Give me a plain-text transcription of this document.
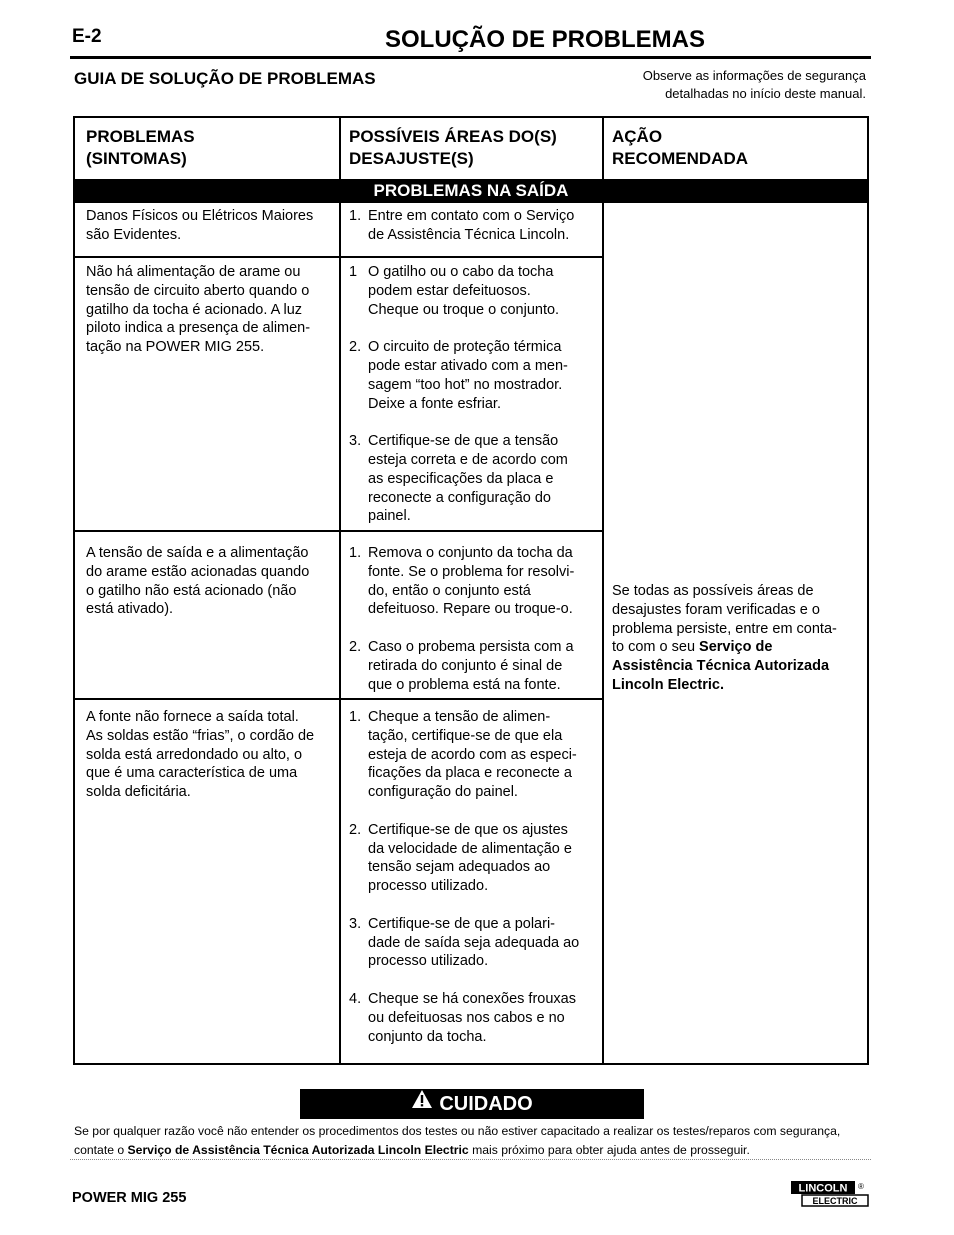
E-2	SOLUÇÃO DE PROBLEMAS
GUIA DE SOLUÇÃO DE PROBLEMAS	Observe as informações de segurança
detalhadas no início deste manual.
PROBLEMAS
(SINTOMAS)
POSSÍVEIS ÁREAS DO(S)
DESAJUSTE(S)
AÇÃO
RECOMENDADA
PROBLEMAS NA SAÍDA
Danos Físicos ou Elétricos Maiores
são Evidentes.
1. Entre em contato com o Serviço
de Assistência Técnica Lincoln.
Não há alimentação de arame ou
tensão de circuito aberto quando o
gatilho da tocha é acionado. A luz
piloto indica a presença de alimen-
tação na POWER MIG 255.
1 O gatilho ou o cabo da tocha
podem estar defeituosos.
Cheque ou troque o conjunto.
2. O circuito de proteção térmica
pode estar ativado com a men-
sagem “too hot” no mostrador.
Deixe a fonte esfriar.
3. Certifique-se de que a tensão
esteja correta e de acordo com
as especificações da placa e
reconecte a configuração do
painel.
A tensão de saída e a alimentação
do arame estão acionadas quando
o gatilho não está acionado (não
está ativado).
1. Remova o conjunto da tocha da
fonte. Se o problema for resolvi-
do, então o conjunto está
defeituoso. Repare ou troque-o.
2. Caso o probema persista com a
retirada do conjunto é sinal de
que o problema está na fonte.
A fonte não fornece a saída total.
As soldas estão “frias”, o cordão de
solda está arredondado ou alto, o
que é uma característica de uma
solda deficitária.
1. Cheque a tensão de alimen-
tação, certifique-se de que ela
esteja de acordo com as especi-
ficações da placa e reconecte a
configuração do painel.
2. Certifique-se de que os ajustes
da velocidade de alimentação e
tensão sejam adequados ao
processo utilizado.
3. Certifique-se de que a polari-
dade de saída seja adequada ao
processo utilizado.
4. Cheque se há conexões frouxas
ou defeituosas nos cabos e no
conjunto da tocha.
Se todas as possíveis áreas de
desajustes foram verificadas e o
problema persiste, entre em conta-
to com o seu Serviço de
Assistência Técnica Autorizada
Lincoln Electric.
CUIDADO
Se por qualquer razão você não entender os procedimentos dos testes ou não estiver capacitado a realizar os testes/reparos com segurança,
contate o Serviço de Assistência Técnica Autorizada Lincoln Electric mais próximo para obter ajuda antes de prosseguir.
POWER MIG 255
LINCOLN ®
ELECTRIC
